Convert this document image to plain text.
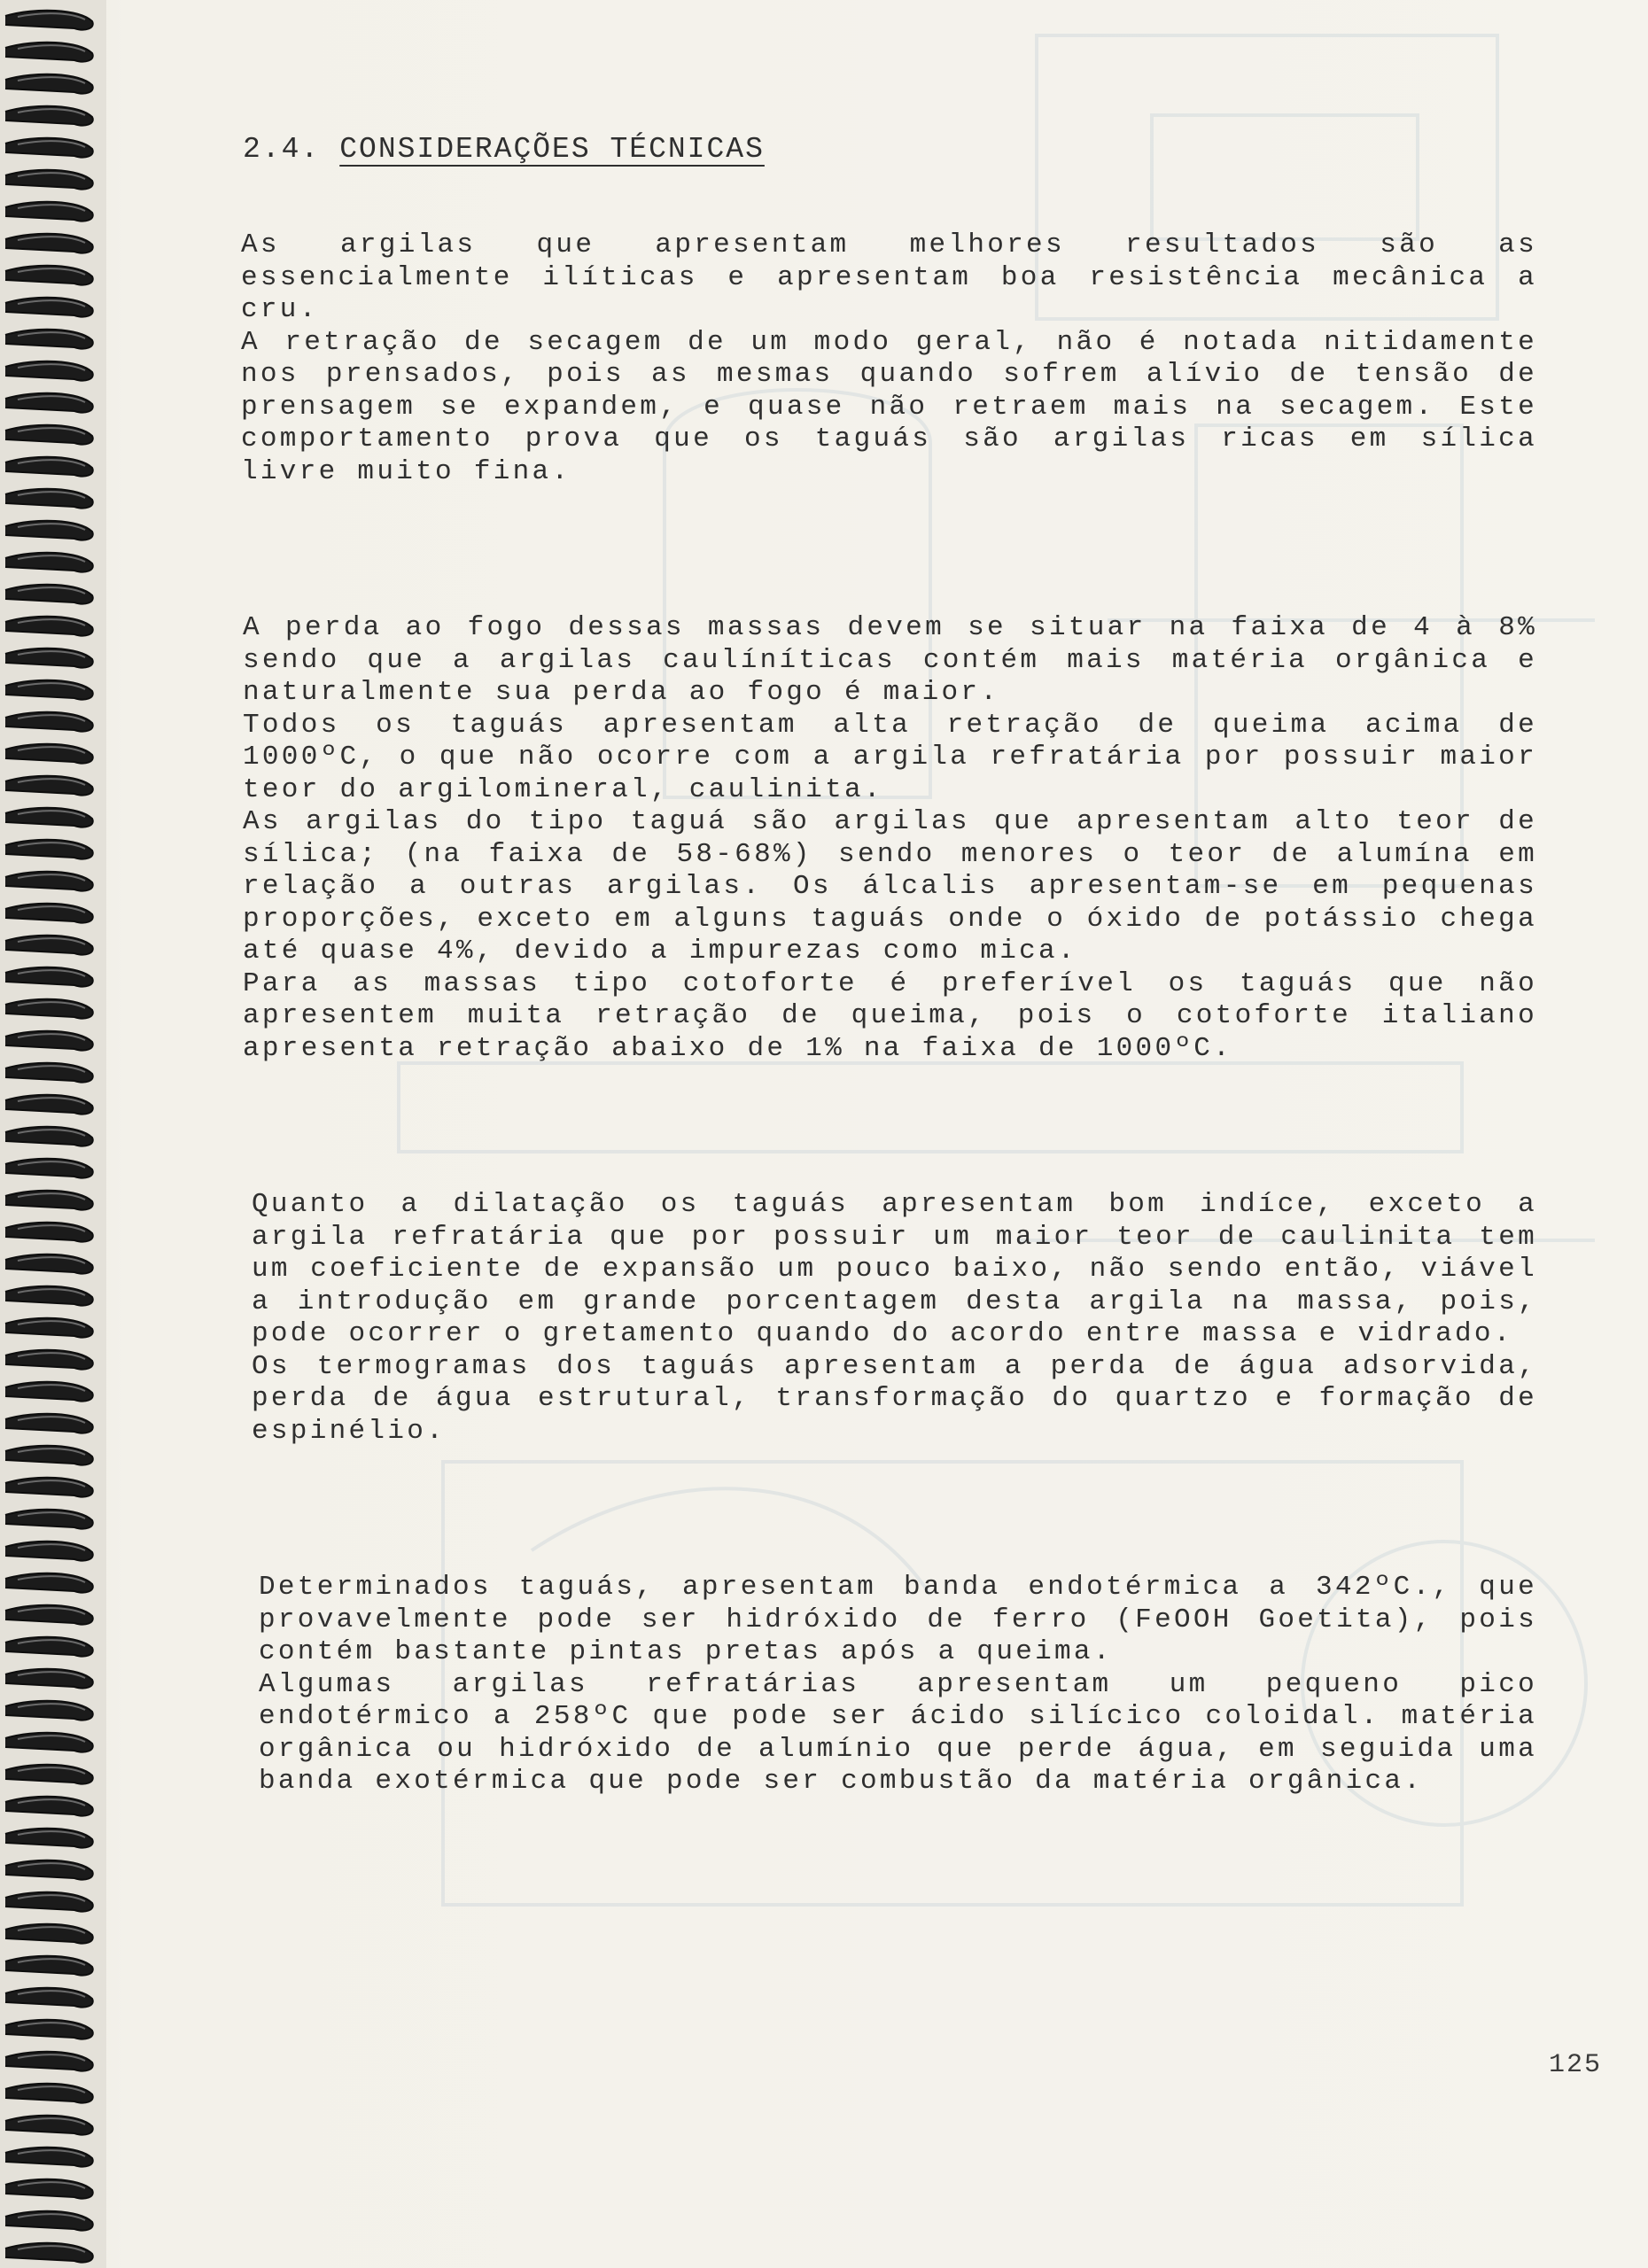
2.4. CONSIDERAÇÕES TÉCNICAS

As argilas que apresentam melhores resultados são as essencialmente ilíticas e apresentam boa resistência mecânica a cru.

A retração de secagem de um modo geral, não é notada nitidamente nos prensados, pois as mesmas quando sofrem alívio de tensão de prensagem se expandem, e quase não retraem mais na secagem. Este comportamento prova que os taguás são argilas ricas em sílica livre muito fina.

A perda ao fogo dessas massas devem se situar na faixa de 4 à 8% sendo que a argilas caulíníticas contém mais matéria orgânica e naturalmente sua perda ao fogo é maior.

Todos os taguás apresentam alta retração de queima acima de 1000ºC, o que não ocorre com a argila refratária por possuir maior teor do argilomineral, caulinita.

As argilas do tipo taguá são argilas que apresentam alto teor de sílica; (na faixa de 58-68%) sendo menores o teor de alumína em relação a outras argilas. Os álcalis apresentam-se em pequenas proporções, exceto em alguns taguás onde o óxido de potássio chega até quase 4%, devido a impurezas como mica.

Para as massas tipo cotoforte é preferível os taguás que não apresentem muita retração de queima, pois o cotoforte italiano apresenta retração abaixo de 1% na faixa de 1000ºC.

Quanto a dilatação os taguás apresentam bom indíce, exceto a argila refratária que por possuir um maior teor de caulinita tem um coeficiente de expansão um pouco baixo, não sendo então, viável a introdução em grande porcentagem desta argila na massa, pois, pode ocorrer o gretamento quando do acordo entre massa e vidrado.

Os termogramas dos taguás apresentam a perda de água adsorvida, perda de água estrutural, transformação do quartzo e formação de espinélio.

Determinados taguás, apresentam banda endotérmica a 342ºC., que provavelmente pode ser hidróxido de ferro (FeOOH Goetita), pois contém bastante pintas pretas após a queima.

Algumas argilas refratárias apresentam um pequeno pico endotérmico a 258ºC que pode ser ácido silícico coloidal. matéria orgânica ou hidróxido de alumínio que perde água, em seguida uma banda exotérmica que pode ser combustão da matéria orgânica.

125
